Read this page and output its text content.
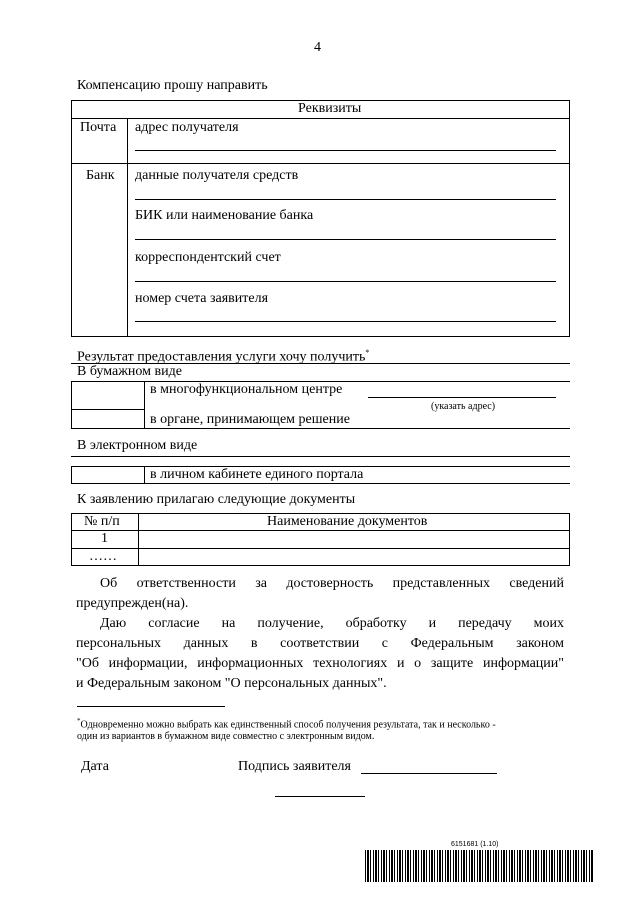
4
Компенсацию прошу направить
Реквизиты
Почта адрес получателя
Банк данные получателя средств
БИК или наименование банка
корреспондентский счет
номер счета заявителя
Результат предоставления услуги хочу получить*
В бумажном виде
в многофункциональном центре
(указать адрес)
в органе, принимающем решение
В электронном виде
в личном кабинете единого портала
К заявлению прилагаю следующие документы
№ п/п	Наименование документов
1
……
Об ответственности за достоверность представленных сведений
предупрежден(на).
Даю согласие на получение, обработку и передачу моих
персональных данных в соответствии с Федеральным законом
"Об информации, информационных технологиях и о защите информации"
и Федеральным законом "О персональных данных".
*Одновременно можно выбрать как единственный способ получения результата, так и несколько -
один из вариантов в бумажном виде совместно с электронным видом.
Дата	Подпись заявителя
6151681 (1.10)
